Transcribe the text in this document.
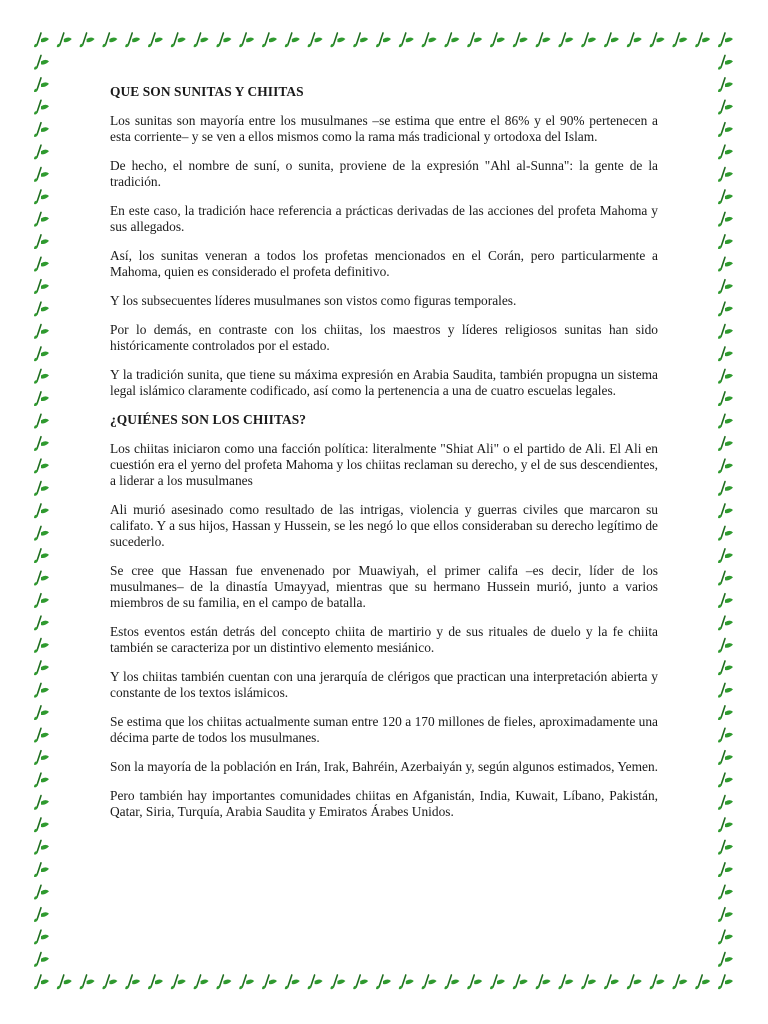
QUE SON SUNITAS Y CHIITAS

Los sunitas son mayoría entre los musulmanes –se estima que entre el 86% y el 90% pertenecen a esta corriente– y se ven a ellos mismos como la rama más tradicional y ortodoxa del Islam.

De hecho, el nombre de suní, o sunita, proviene de la expresión "Ahl al-Sunna": la gente de la tradición.

En este caso, la tradición hace referencia a prácticas derivadas de las acciones del profeta Mahoma y sus allegados.

Así, los sunitas veneran a todos los profetas mencionados en el Corán, pero particularmente a Mahoma, quien es considerado el profeta definitivo.

Y los subsecuentes líderes musulmanes son vistos como figuras temporales.

Por lo demás, en contraste con los chiitas, los maestros y líderes religiosos sunitas han sido históricamente controlados por el estado.

Y la tradición sunita, que tiene su máxima expresión en Arabia Saudita, también propugna un sistema legal islámico claramente codificado, así como la pertenencia a una de cuatro escuelas legales.

¿QUIÉNES SON LOS CHIITAS?

Los chiitas iniciaron como una facción política: literalmente "Shiat Ali" o el partido de Ali. El Ali en cuestión era el yerno del profeta Mahoma y los chiitas reclaman su derecho, y el de sus descendientes, a liderar a los musulmanes

Ali murió asesinado como resultado de las intrigas, violencia y guerras civiles que marcaron su califato. Y a sus hijos, Hassan y Hussein, se les negó lo que ellos consideraban su derecho legítimo de sucederlo.

Se cree que Hassan fue envenenado por Muawiyah, el primer califa –es decir, líder de los musulmanes– de la dinastía Umayyad, mientras que su hermano Hussein murió, junto a varios miembros de su familia, en el campo de batalla.

Estos eventos están detrás del concepto chiita de martirio y de sus rituales de duelo y la fe chiita también se caracteriza por un distintivo elemento mesiánico.

Y los chiitas también cuentan con una jerarquía de clérigos que practican una interpretación abierta y constante de los textos islámicos.

Se estima que los chiitas actualmente suman entre 120 a 170 millones de fieles, aproximadamente una décima parte de todos los musulmanes.

Son la mayoría de la población en Irán, Irak, Bahréin, Azerbaiyán y, según algunos estimados, Yemen.

Pero también hay importantes comunidades chiitas en Afganistán, India, Kuwait, Líbano, Pakistán, Qatar, Siria, Turquía, Arabia Saudita y Emiratos Árabes Unidos.
